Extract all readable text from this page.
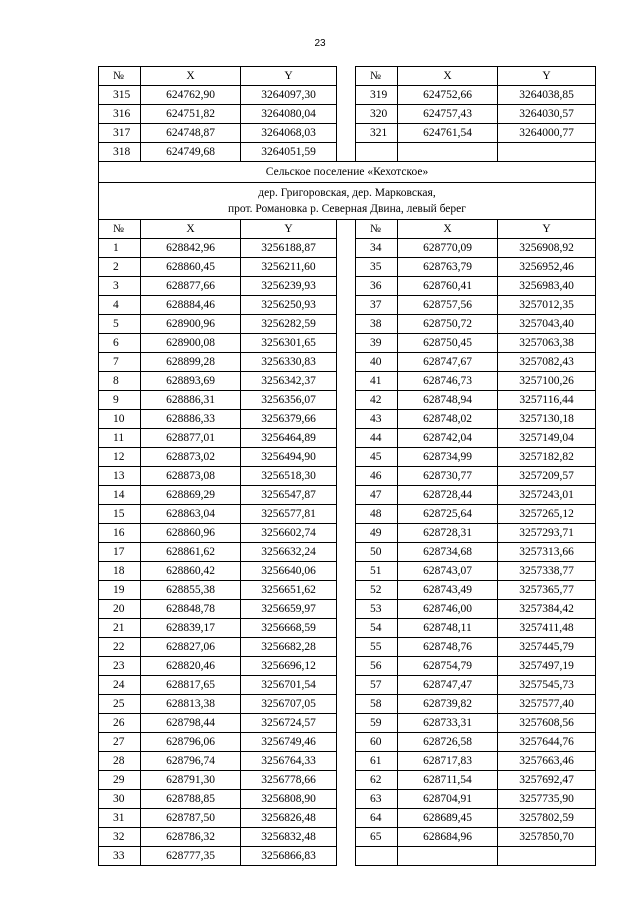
23
№	X	Y		№	X	Y
315	624762,90	3264097,30		319	624752,66	3264038,85
316	624751,82	3264080,04		320	624757,43	3264030,57
317	624748,87	3264068,03		321	624761,54	3264000,77
318	624749,68	3264051,59				
Сельское поселение «Кехотское»						

дер. Григоровская, дер. Марковская,
прот. Романовка р. Северная Двина, левый берег						

№	X	Y		№	X	Y
1	628842,96	3256188,87		34	628770,09	3256908,92
2	628860,45	3256211,60		35	628763,79	3256952,46
3	628877,66	3256239,93		36	628760,41	3256983,40
4	628884,46	3256250,93		37	628757,56	3257012,35
5	628900,96	3256282,59		38	628750,72	3257043,40
6	628900,08	3256301,65		39	628750,45	3257063,38
7	628899,28	3256330,83		40	628747,67	3257082,43
8	628893,69	3256342,37		41	628746,73	3257100,26
9	628886,31	3256356,07		42	628748,94	3257116,44
10	628886,33	3256379,66		43	628748,02	3257130,18
11	628877,01	3256464,89		44	628742,04	3257149,04
12	628873,02	3256494,90		45	628734,99	3257182,82
13	628873,08	3256518,30		46	628730,77	3257209,57
14	628869,29	3256547,87		47	628728,44	3257243,01
15	628863,04	3256577,81		48	628725,64	3257265,12
16	628860,96	3256602,74		49	628728,31	3257293,71
17	628861,62	3256632,24		50	628734,68	3257313,66
18	628860,42	3256640,06		51	628743,07	3257338,77
19	628855,38	3256651,62		52	628743,49	3257365,77
20	628848,78	3256659,97		53	628746,00	3257384,42
21	628839,17	3256668,59		54	628748,11	3257411,48
22	628827,06	3256682,28		55	628748,76	3257445,79
23	628820,46	3256696,12		56	628754,79	3257497,19
24	628817,65	3256701,54		57	628747,47	3257545,73
25	628813,38	3256707,05		58	628739,82	3257577,40
26	628798,44	3256724,57		59	628733,31	3257608,56
27	628796,06	3256749,46		60	628726,58	3257644,76
28	628796,74	3256764,33		61	628717,83	3257663,46
29	628791,30	3256778,66		62	628711,54	3257692,47
30	628788,85	3256808,90		63	628704,91	3257735,90
31	628787,50	3256826,48		64	628689,45	3257802,59
32	628786,32	3256832,48		65	628684,96	3257850,70
33	628777,35	3256866,83				
